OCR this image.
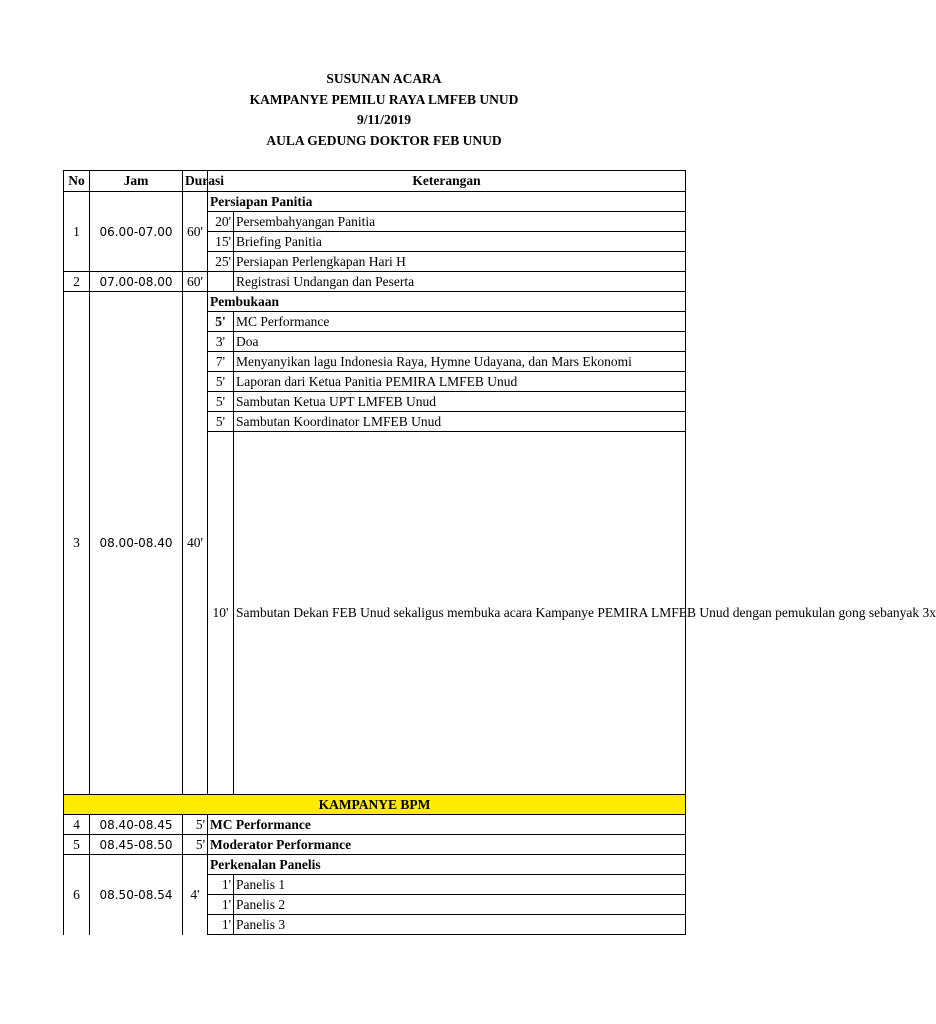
SUSUNAN ACARA
KAMPANYE PEMILU RAYA LMFEB UNUD
9/11/2019
AULA GEDUNG DOKTOR FEB UNUD
No	Jam	Durasi	Keterangan	
1	06.00-07.00	60'	Persiapan Panitia	
			20'	Persembahyangan Panitia
			15'	Briefing Panitia
			25'	Persiapan Perlengkapan Hari H
2	07.00-08.00	60'		Registrasi Undangan dan Peserta
3	08.00-08.40	40'	Pembukaan	
			5'	MC Performance
			3'	Doa
			7'	Menyanyikan lagu Indonesia Raya, Hymne Udayana, dan Mars Ekonomi
			5'	Laporan dari Ketua Panitia PEMIRA LMFEB Unud
			5'	Sambutan Ketua UPT LMFEB Unud
			5'	Sambutan Koordinator LMFEB Unud
			10'	Sambutan Dekan FEB Unud sekaligus membuka acara Kampanye PEMIRA LMFEB Unud dengan pemukulan gong sebanyak 3x
KAMPANYE BPM				
4	08.40-08.45	5'	MC Performance	
5	08.45-08.50	5'	Moderator Performance	
6	08.50-08.54	4'	Perkenalan Panelis	
			1'	Panelis 1
			1'	Panelis 2
			1'	Panelis 3
